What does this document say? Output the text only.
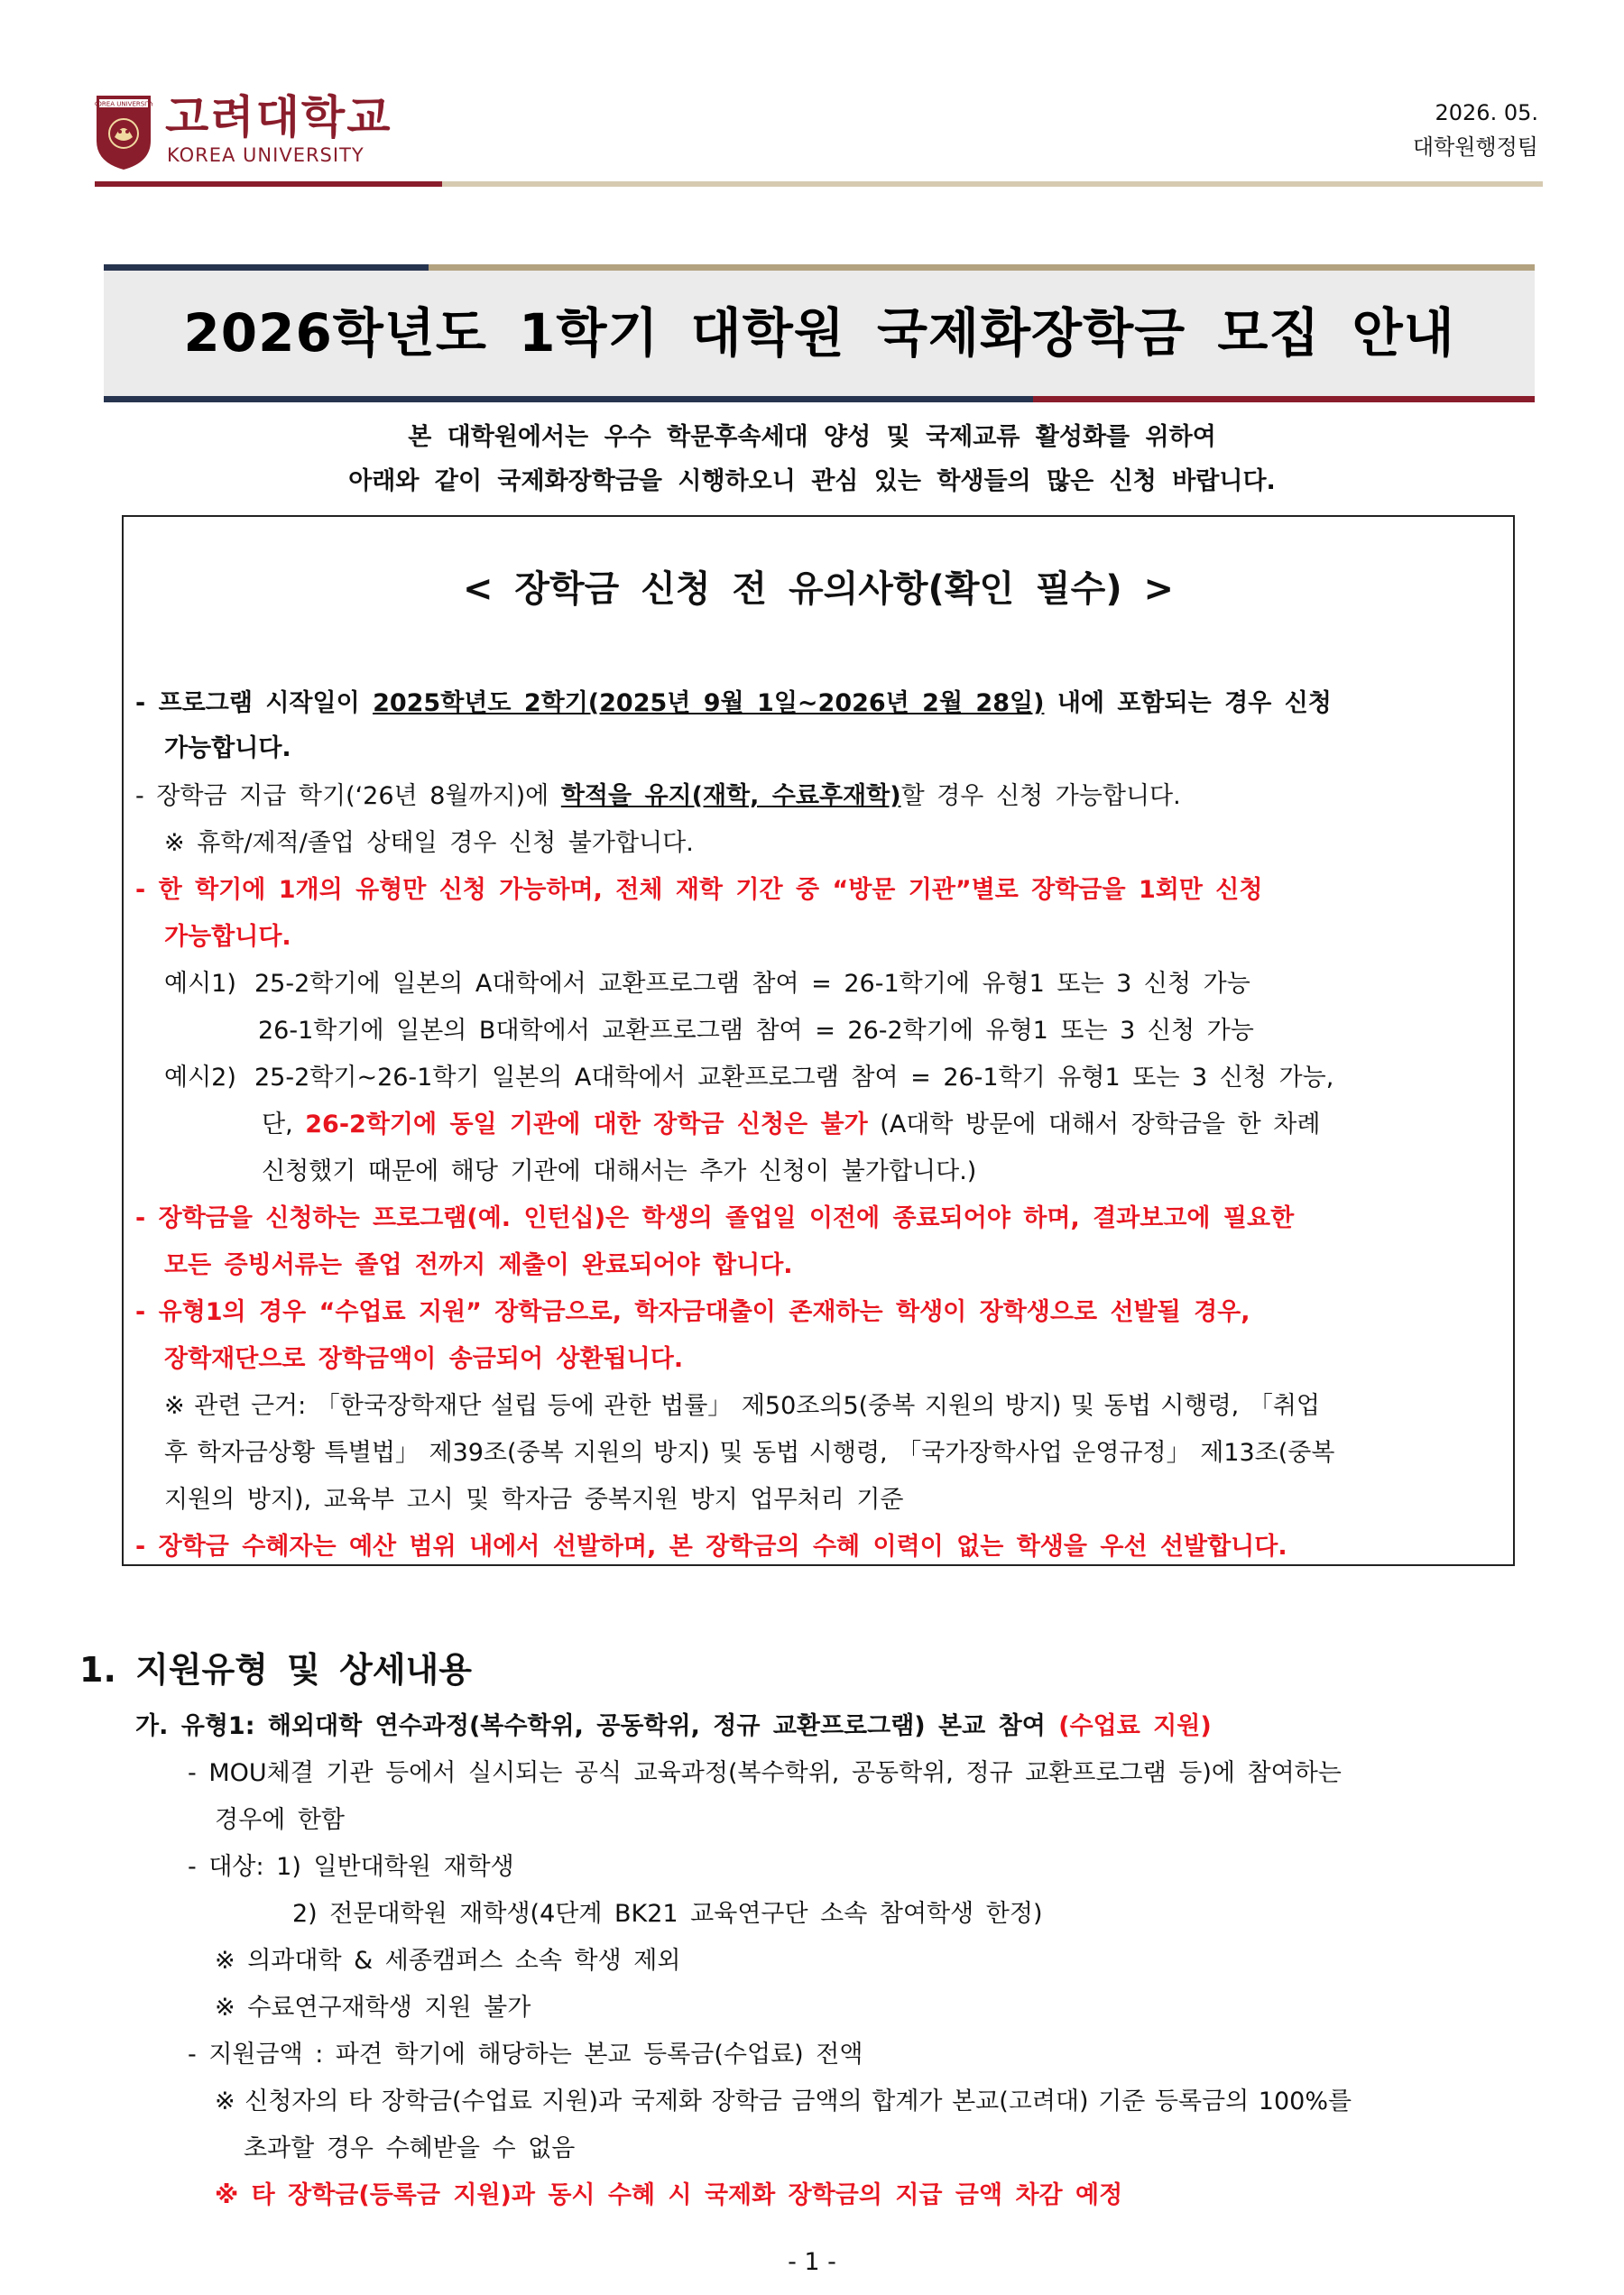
KOREA UNIVERSITY 고려대학교
KOREA UNIVERSITY
2026. 05.
대학원행정팀
2026학년도 1학기 대학원 국제화장학금 모집 안내
본 대학원에서는 우수 학문후속세대 양성 및 국제교류 활성화를 위하여
아래와 같이 국제화장학금을 시행하오니 관심 있는 학생들의 많은 신청 바랍니다.
< 장학금 신청 전 유의사항(확인 필수) >
- 프로그램 시작일이 2025학년도 2학기(2025년 9월 1일~2026년 2월 28일) 내에 포함되는 경우 신청
가능합니다.
- 장학금 지급 학기(‘26년 8월까지)에 학적을 유지(재학, 수료후재학)할 경우 신청 가능합니다.
※ 휴학/제적/졸업 상태일 경우 신청 불가합니다.
- 한 학기에 1개의 유형만 신청 가능하며, 전체 재학 기간 중 “방문 기관”별로 장학금을 1회만 신청
가능합니다.
예시1) 25-2학기에 일본의 A대학에서 교환프로그램 참여 = 26-1학기에 유형1 또는 3 신청 가능
26-1학기에 일본의 B대학에서 교환프로그램 참여 = 26-2학기에 유형1 또는 3 신청 가능
예시2) 25-2학기~26-1학기 일본의 A대학에서 교환프로그램 참여 = 26-1학기 유형1 또는 3 신청 가능,
단, 26-2학기에 동일 기관에 대한 장학금 신청은 불가 (A대학 방문에 대해서 장학금을 한 차례
신청했기 때문에 해당 기관에 대해서는 추가 신청이 불가합니다.)
- 장학금을 신청하는 프로그램(예. 인턴십)은 학생의 졸업일 이전에 종료되어야 하며, 결과보고에 필요한
모든 증빙서류는 졸업 전까지 제출이 완료되어야 합니다.
- 유형1의 경우 “수업료 지원” 장학금으로, 학자금대출이 존재하는 학생이 장학생으로 선발될 경우,
장학재단으로 장학금액이 송금되어 상환됩니다.
※ 관련 근거: 「한국장학재단 설립 등에 관한 법률」 제50조의5(중복 지원의 방지) 및 동법 시행령, 「취업
후 학자금상황 특별법」 제39조(중복 지원의 방지) 및 동법 시행령, 「국가장학사업 운영규정」 제13조(중복
지원의 방지), 교육부 고시 및 학자금 중복지원 방지 업무처리 기준
- 장학금 수혜자는 예산 범위 내에서 선발하며, 본 장학금의 수혜 이력이 없는 학생을 우선 선발합니다.
1. 지원유형 및 상세내용
가. 유형1: 해외대학 연수과정(복수학위, 공동학위, 정규 교환프로그램) 본교 참여 (수업료 지원)
- MOU체결 기관 등에서 실시되는 공식 교육과정(복수학위, 공동학위, 정규 교환프로그램 등)에 참여하는
경우에 한함
- 대상: 1) 일반대학원 재학생
2) 전문대학원 재학생(4단계 BK21 교육연구단 소속 참여학생 한정)
※ 의과대학 & 세종캠퍼스 소속 학생 제외
※ 수료연구재학생 지원 불가
- 지원금액 : 파견 학기에 해당하는 본교 등록금(수업료) 전액
※ 신청자의 타 장학금(수업료 지원)과 국제화 장학금 금액의 합계가 본교(고려대) 기준 등록금의 100%를
초과할 경우 수혜받을 수 없음
※ 타 장학금(등록금 지원)과 동시 수혜 시 국제화 장학금의 지급 금액 차감 예정
- 1 -
